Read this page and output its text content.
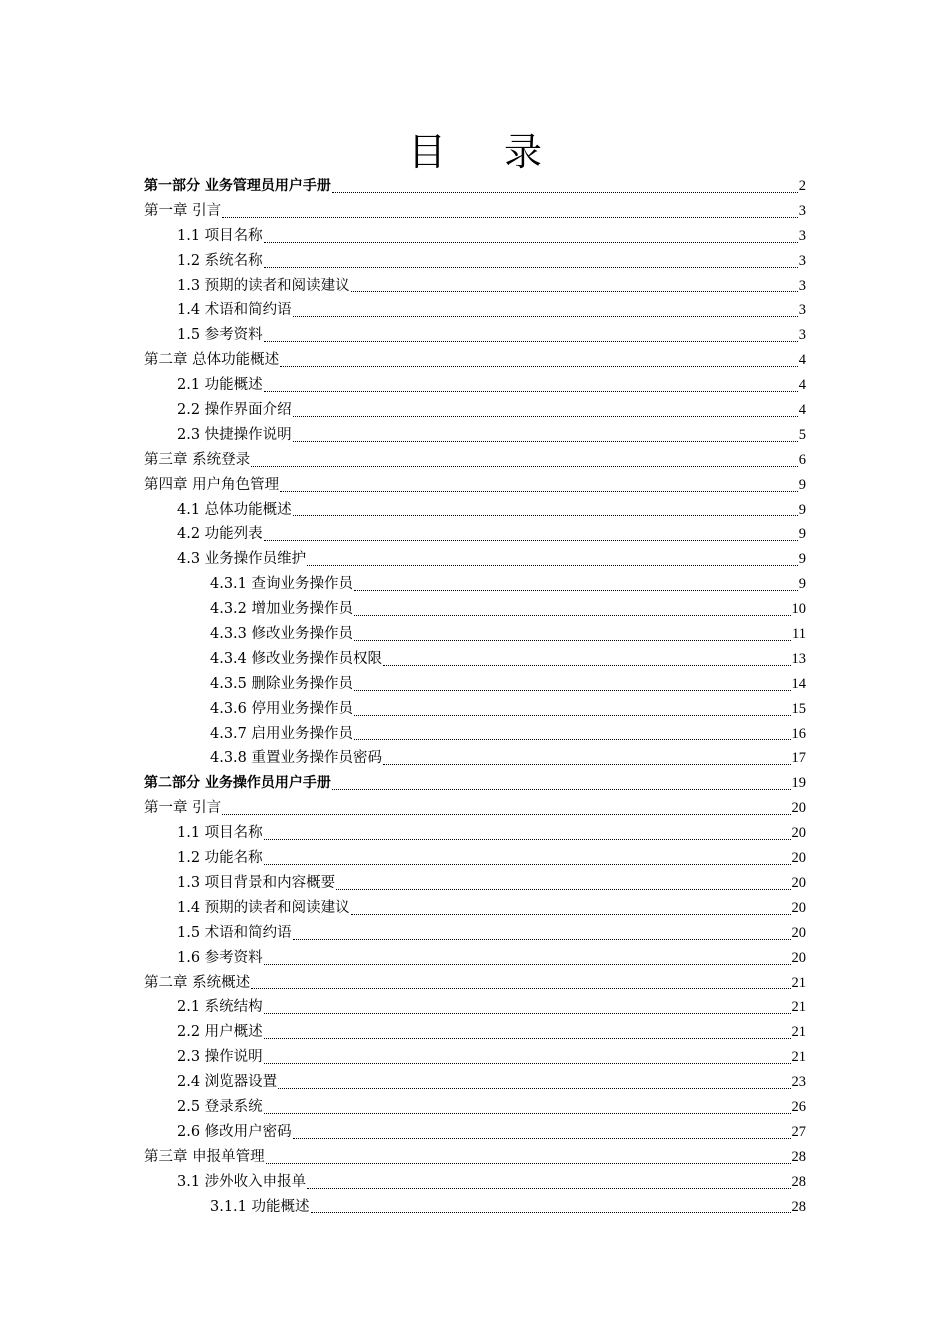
目 录
第一部分 业务管理员用户手册	2
第一章 引言	3
1.1 项目名称	3
1.2 系统名称	3
1.3 预期的读者和阅读建议	3
1.4 术语和简约语	3
1.5 参考资料	3
第二章 总体功能概述	4
2.1 功能概述	4
2.2 操作界面介绍	4
2.3 快捷操作说明	5
第三章 系统登录	6
第四章 用户角色管理	9
4.1 总体功能概述	9
4.2 功能列表	9
4.3 业务操作员维护	9
4.3.1 查询业务操作员	9
4.3.2 增加业务操作员	10
4.3.3 修改业务操作员	11
4.3.4 修改业务操作员权限	13
4.3.5 删除业务操作员	14
4.3.6 停用业务操作员	15
4.3.7 启用业务操作员	16
4.3.8 重置业务操作员密码	17
第二部分 业务操作员用户手册	19
第一章 引言	20
1.1 项目名称	20
1.2 功能名称	20
1.3 项目背景和内容概要	20
1.4 预期的读者和阅读建议	20
1.5 术语和简约语	20
1.6 参考资料	20
第二章 系统概述	21
2.1 系统结构	21
2.2 用户概述	21
2.3 操作说明	21
2.4 浏览器设置	23
2.5 登录系统	26
2.6 修改用户密码	27
第三章 申报单管理	28
3.1 涉外收入申报单	28
3.1.1 功能概述	28
